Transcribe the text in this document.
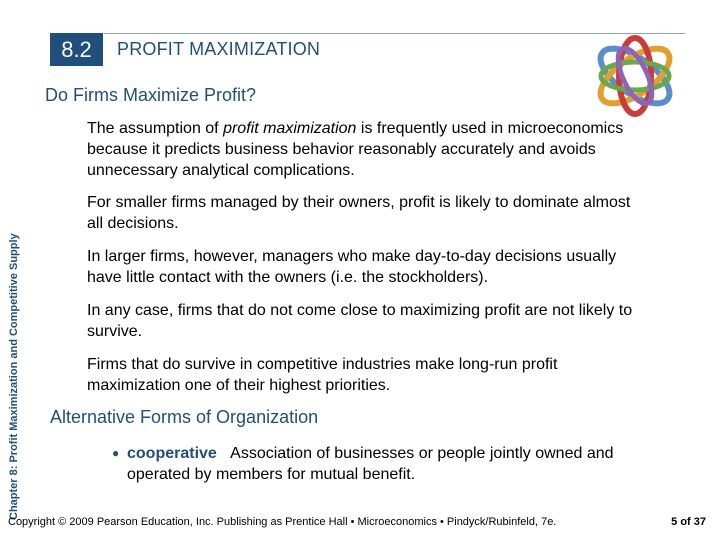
8.2	PROFIT MAXIMIZATION
Chapter 8: Profit Maximization and Competitive Supply
Do Firms Maximize Profit?

The assumption of profit maximization is frequently used in microeconomics because it predicts business behavior reasonably accurately and avoids unnecessary analytical complications.

For smaller firms managed by their owners, profit is likely to dominate almost all decisions.

In larger firms, however, managers who make day-to-day decisions usually have little contact with the owners (i.e. the stockholders).

In any case, firms that do not come close to maximizing profit are not likely to survive.

Firms that do survive in competitive industries make long-run profit maximization one of their highest priorities.

Alternative Forms of Organization
● cooperative Association of businesses or people jointly owned and operated by members for mutual benefit.
Copyright © 2009 Pearson Education, Inc. Publishing as Prentice Hall • Microeconomics • Pindyck/Rubinfeld, 7e.	5 of 37
